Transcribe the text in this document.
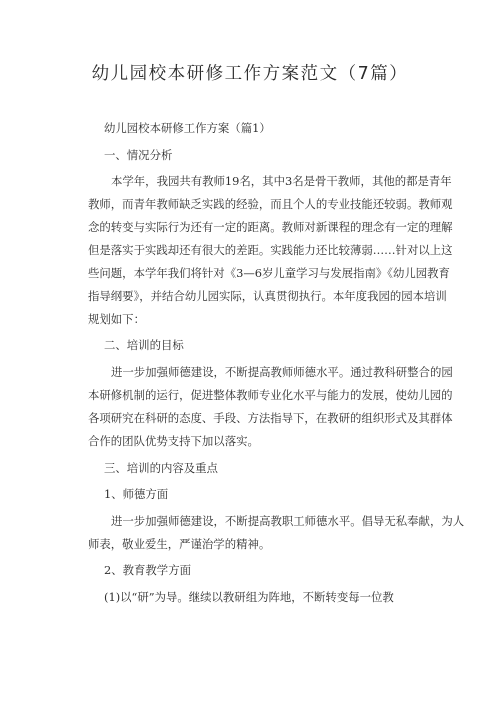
幼儿园校本研修工作方案范文（7篇）
幼儿园校本研修工作方案（篇1）
一、情况分析
本学年，我园共有教师19名，其中3名是骨干教师，其他的都是青年
教师，而青年教师缺乏实践的经验，而且个人的专业技能还较弱。教师观
念的转变与实际行为还有一定的距离。教师对新课程的理念有一定的理解
但是落实于实践却还有很大的差距。实践能力还比较薄弱……针对以上这
些问题，本学年我们将针对《3—6岁儿童学习与发展指南》《幼儿园教育
指导纲要》，并结合幼儿园实际，认真贯彻执行。本年度我园的园本培训
规划如下：
二、培训的目标
进一步加强师德建设，不断提高教师师德水平。通过教科研整合的园
本研修机制的运行，促进整体教师专业化水平与能力的发展，使幼儿园的
各项研究在科研的态度、手段、方法指导下，在教研的组织形式及其群体
合作的团队优势支持下加以落实。
三、培训的内容及重点
1、师德方面
进一步加强师德建设，不断提高教职工师德水平。倡导无私奉献，为人
师表，敬业爱生，严谨治学的精神。
2、教育教学方面
(1)以“研”为导。继续以教研组为阵地，不断转变每一位教
